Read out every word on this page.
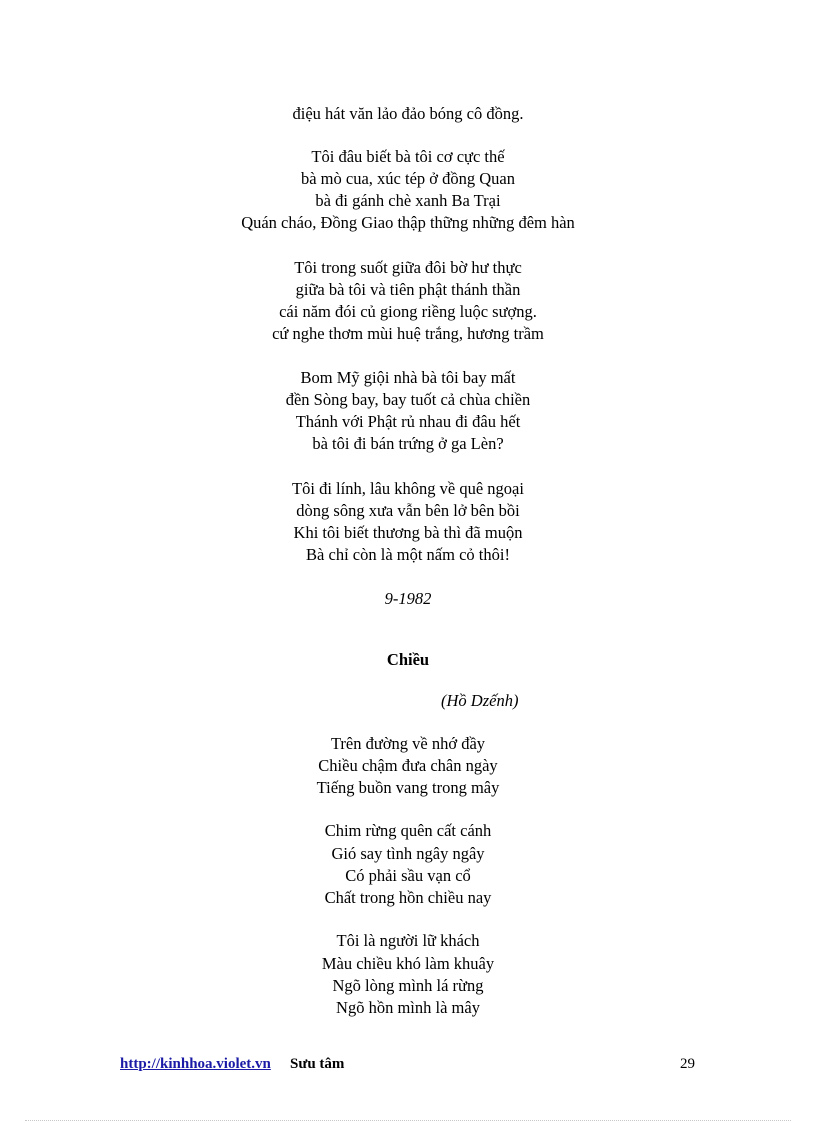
điệu hát văn lảo đảo bóng cô đồng.
Tôi đâu biết bà tôi cơ cực thế
bà mò cua, xúc tép ở đồng Quan
bà đi gánh chè xanh Ba Trại
Quán cháo, Đồng Giao thập thững những đêm hàn
Tôi trong suốt giữa đôi bờ hư thực
giữa bà tôi và tiên phật thánh thần
cái năm đói củ giong riềng luộc sượng.
cứ nghe thơm mùi huệ trắng, hương trầm
Bom Mỹ giội nhà bà tôi bay mất
đền Sòng bay, bay tuốt cả chùa chiền
Thánh với Phật rủ nhau đi đâu hết
bà tôi đi bán trứng ở ga Lèn?
Tôi đi lính, lâu không về quê ngoại
dòng sông xưa vẫn bên lở bên bồi
Khi tôi biết thương bà thì đã muộn
Bà chỉ còn là một nấm cỏ thôi!
9-1982
Chiều
(Hồ Dzếnh)
Trên đường về nhớ đầy
Chiều chậm đưa chân ngày
Tiếng buồn vang trong mây
Chim rừng quên cất cánh
Gió say tình ngây ngây
Có phải sầu vạn cổ
Chất trong hồn chiều nay
Tôi là người lữ khách
Màu chiều khó làm khuây
Ngõ lòng mình lá rừng
Ngõ hồn mình là mây
http://kinhhoa.violet.vn Sưu tâm	29
